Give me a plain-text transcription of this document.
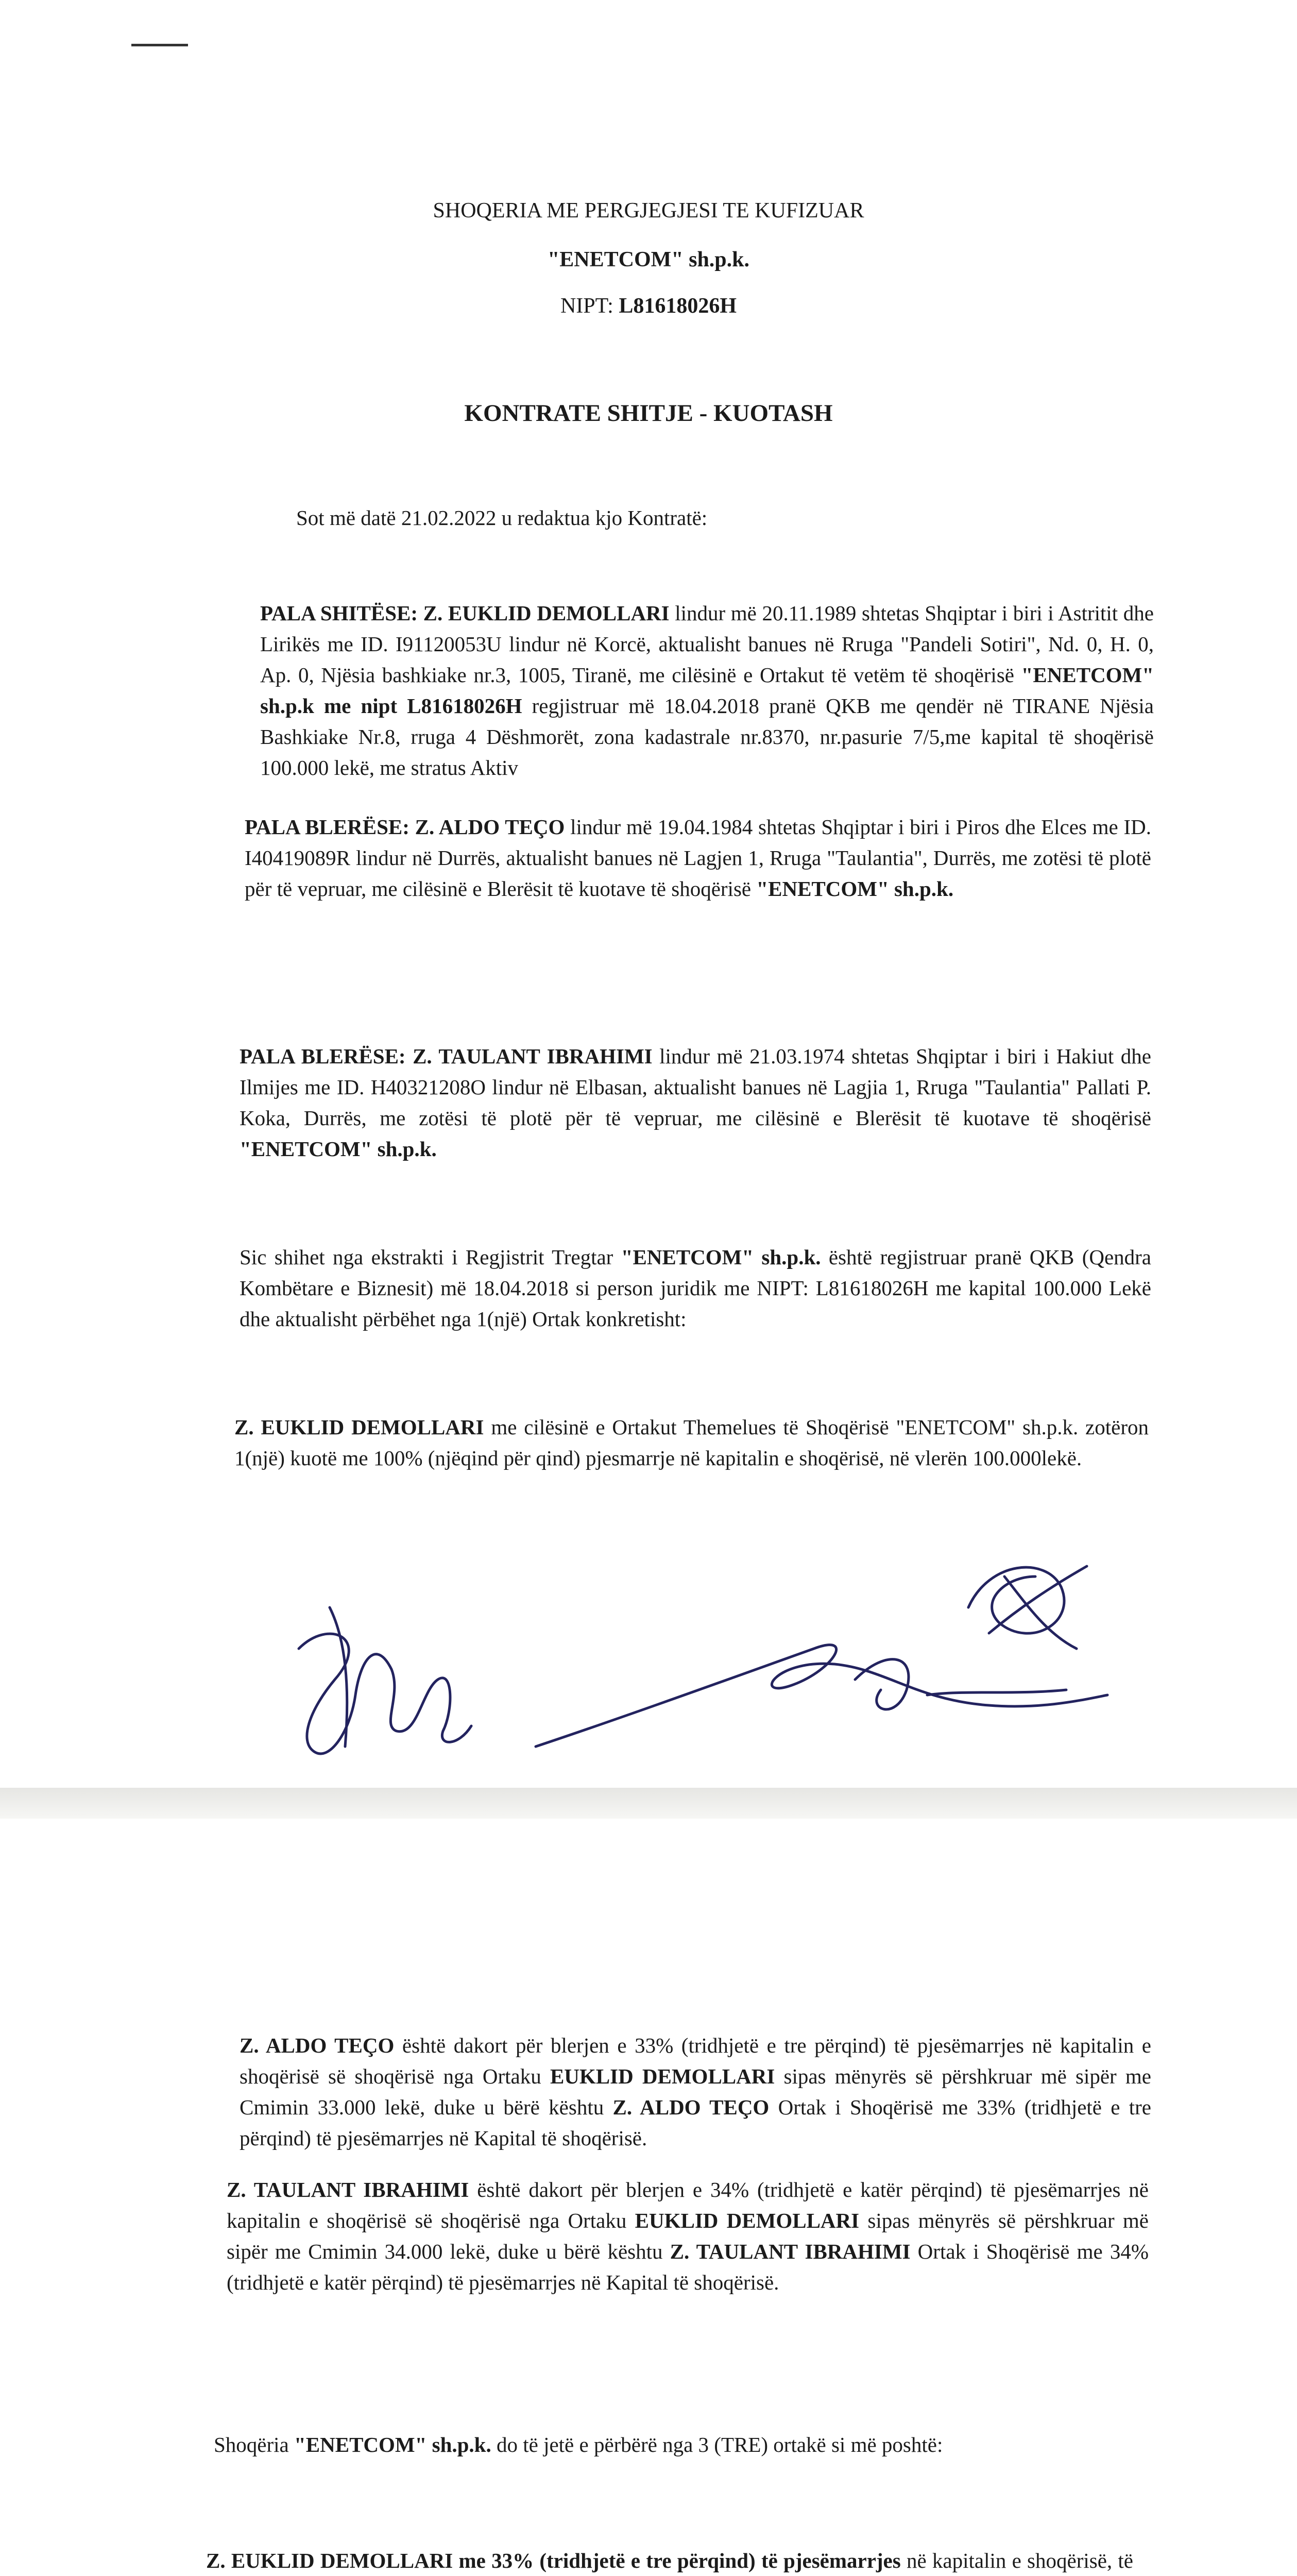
SHOQERIA ME PERGJEGJESI TE KUFIZUAR
"ENETCOM" sh.p.k.
NIPT: L81618026H
KONTRATE SHITJE - KUOTASH
Sot më datë 21.02.2022 u redaktua kjo Kontratë:
PALA SHITËSE: Z. EUKLID DEMOLLARI lindur më 20.11.1989 shtetas Shqiptar i biri i Astritit dhe Lirikës me ID. I91120053U lindur në Korcë, aktualisht banues në Rruga "Pandeli Sotiri", Nd. 0, H. 0, Ap. 0, Njësia bashkiake nr.3, 1005, Tiranë, me cilësinë e Ortakut të vetëm të shoqërisë "ENETCOM" sh.p.k me nipt L81618026H regjistruar më 18.04.2018 pranë QKB me qendër në TIRANE Njësia Bashkiake Nr.8, rruga 4 Dëshmorët, zona kadastrale nr.8370, nr.pasurie 7/5,me kapital të shoqërisë 100.000 lekë, me stratus Aktiv
PALA BLERËSE: Z. ALDO TEÇO lindur më 19.04.1984 shtetas Shqiptar i biri i Piros dhe Elces me ID. I40419089R lindur në Durrës, aktualisht banues në Lagjen 1, Rruga "Taulantia", Durrës, me zotësi të plotë për të vepruar, me cilësinë e Blerësit të kuotave të shoqërisë "ENETCOM" sh.p.k.
PALA BLERËSE: Z. TAULANT IBRAHIMI lindur më 21.03.1974 shtetas Shqiptar i biri i Hakiut dhe Ilmijes me ID. H40321208O lindur në Elbasan, aktualisht banues në Lagjia 1, Rruga "Taulantia" Pallati P. Koka, Durrës, me zotësi të plotë për të vepruar, me cilësinë e Blerësit të kuotave të shoqërisë "ENETCOM" sh.p.k.
Sic shihet nga ekstrakti i Regjistrit Tregtar "ENETCOM" sh.p.k. është regjistruar pranë QKB (Qendra Kombëtare e Biznesit) më 18.04.2018 si person juridik me NIPT: L81618026H me kapital 100.000 Lekë dhe aktualisht përbëhet nga 1(një) Ortak konkretisht:
Z. EUKLID DEMOLLARI me cilësinë e Ortakut Themelues të Shoqërisë "ENETCOM" sh.p.k. zotëron 1(një) kuotë me 100% (njëqind për qind) pjesmarrje në kapitalin e shoqërisë, në vlerën 100.000lekë.
Z. ALDO TEÇO është dakort për blerjen e 33% (tridhjetë e tre përqind) të pjesëmarrjes në kapitalin e shoqërisë së shoqërisë nga Ortaku EUKLID DEMOLLARI sipas mënyrës së përshkruar më sipër me Cmimin 33.000 lekë, duke u bërë kështu Z. ALDO TEÇO Ortak i Shoqërisë me 33% (tridhjetë e tre përqind) të pjesëmarrjes në Kapital të shoqërisë.
Z. TAULANT IBRAHIMI është dakort për blerjen e 34% (tridhjetë e katër përqind) të pjesëmarrjes në kapitalin e shoqërisë së shoqërisë nga Ortaku EUKLID DEMOLLARI sipas mënyrës së përshkruar më sipër me Cmimin 34.000 lekë, duke u bërë kështu Z. TAULANT IBRAHIMI Ortak i Shoqërisë me 34% (tridhjetë e katër përqind) të pjesëmarrjes në Kapital të shoqërisë.
Shoqëria "ENETCOM" sh.p.k. do të jetë e përbërë nga 3 (TRE) ortakë si më poshtë:
Z. EUKLID DEMOLLARI me 33% (tridhjetë e tre përqind) të pjesëmarrjes në kapitalin e shoqërisë, të
